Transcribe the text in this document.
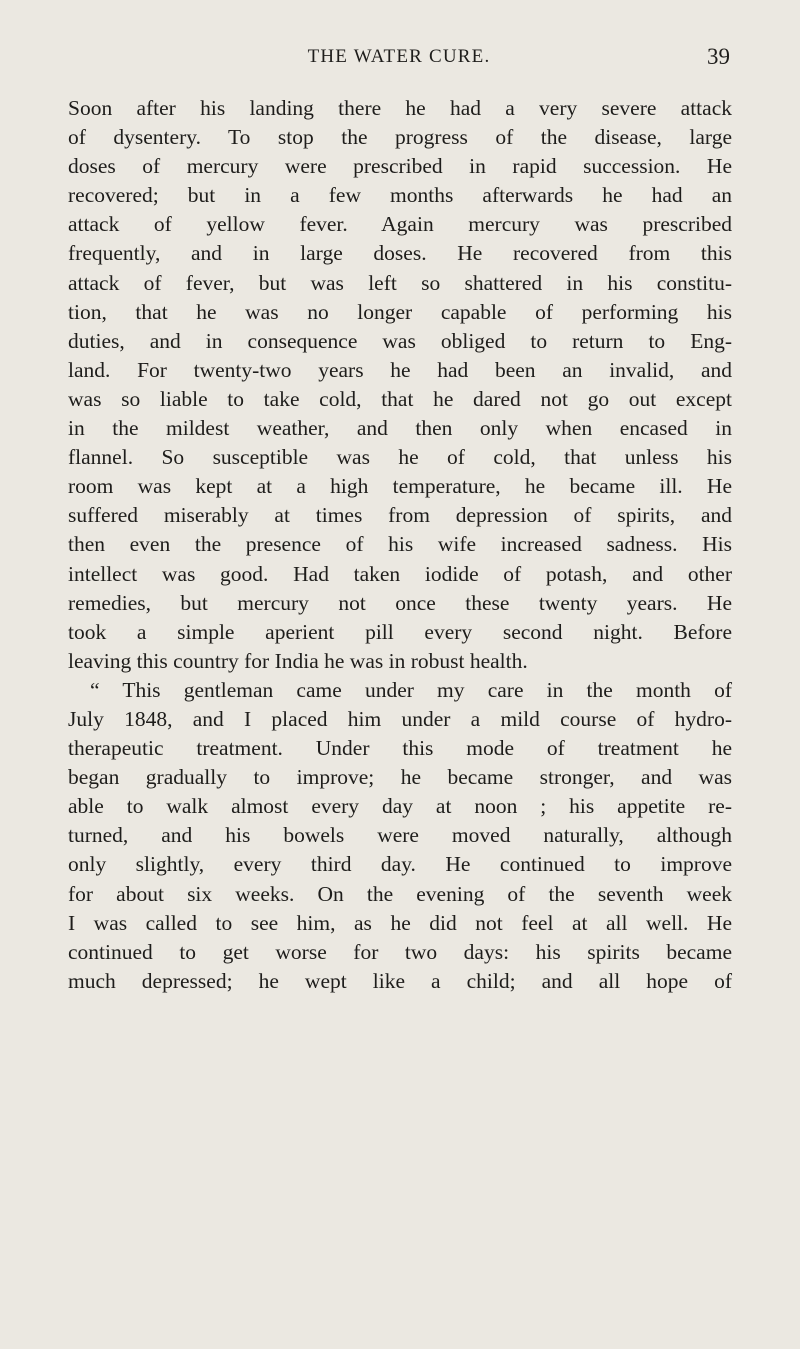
THE WATER CURE.	39
Soon after his landing there he had a very severe attack
of dysentery. To stop the progress of the disease, large
doses of mercury were prescribed in rapid succession. He
recovered; but in a few months afterwards he had an
attack of yellow fever. Again mercury was prescribed
frequently, and in large doses. He recovered from this
attack of fever, but was left so shattered in his constitu-
tion, that he was no longer capable of performing his
duties, and in consequence was obliged to return to Eng-
land. For twenty-two years he had been an invalid, and
was so liable to take cold, that he dared not go out except
in the mildest weather, and then only when encased in
flannel. So susceptible was he of cold, that unless his
room was kept at a high temperature, he became ill. He
suffered miserably at times from depression of spirits, and
then even the presence of his wife increased sadness. His
intellect was good. Had taken iodide of potash, and other
remedies, but mercury not once these twenty years. He
took a simple aperient pill every second night. Before
leaving this country for India he was in robust health.
“ This gentleman came under my care in the month of
July 1848, and I placed him under a mild course of hydro-
therapeutic treatment. Under this mode of treatment he
began gradually to improve; he became stronger, and was
able to walk almost every day at noon ; his appetite re-
turned, and his bowels were moved naturally, although
only slightly, every third day. He continued to improve
for about six weeks. On the evening of the seventh week
I was called to see him, as he did not feel at all well. He
continued to get worse for two days: his spirits became
much depressed; he wept like a child; and all hope of
